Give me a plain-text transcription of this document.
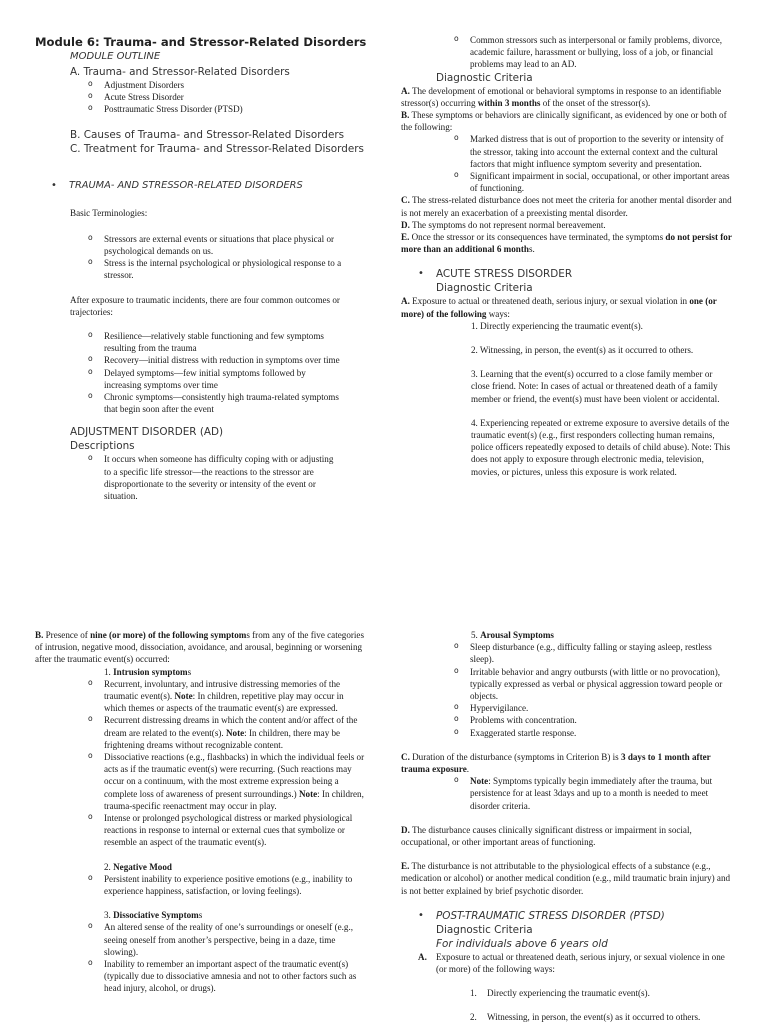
Module 6: Trauma- and Stressor-Related Disorders
MODULE OUTLINE
A. Trauma- and Stressor-Related Disorders
o Adjustment Disorders
o Acute Stress Disorder
o Posttraumatic Stress Disorder (PTSD)
B. Causes of Trauma- and Stressor-Related Disorders
C. Treatment for Trauma- and Stressor-Related Disorders
• TRAUMA- AND STRESSOR-RELATED DISORDERS

Basic Terminologies:

o Stressors are external events or situations that place physical or psychological demands on us.
o Stress is the internal psychological or physiological response to a stressor.

After exposure to traumatic incidents, there are four common outcomes or trajectories:

o Resilience—relatively stable functioning and few symptoms resulting from the trauma
o Recovery—initial distress with reduction in symptoms over time
o Delayed symptoms—few initial symptoms followed by increasing symptoms over time
o Chronic symptoms—consistently high trauma-related symptoms that begin soon after the event
ADJUSTMENT DISORDER (AD)
Descriptions
o It occurs when someone has difficulty coping with or adjusting to a specific life stressor—the reactions to the stressor are disproportionate to the severity or intensity of the event or situation.
o Common stressors such as interpersonal or family problems, divorce, academic failure, harassment or bullying, loss of a job, or financial problems may lead to an AD.
Diagnostic Criteria

A. The development of emotional or behavioral symptoms in response to an identifiable stressor(s) occurring within 3 months of the onset of the stressor(s).

B. These symptoms or behaviors are clinically significant, as evidenced by one or both of the following:

o Marked distress that is out of proportion to the severity or intensity of the stressor, taking into account the external context and the cultural factors that might influence symptom severity and presentation.
o Significant impairment in social, occupational, or other important areas of functioning.

C. The stress-related disturbance does not meet the criteria for another mental disorder and is not merely an exacerbation of a preexisting mental disorder.

D. The symptoms do not represent normal bereavement.

E. Once the stressor or its consequences have terminated, the symptoms do not persist for more than an additional 6 months.

• ACUTE STRESS DISORDER
Diagnostic Criteria

A. Exposure to actual or threatened death, serious injury, or sexual violation in one (or more) of the following ways:

1. Directly experiencing the traumatic event(s).

2. Witnessing, in person, the event(s) as it occurred to others.

3. Learning that the event(s) occurred to a close family member or close friend. Note: In cases of actual or threatened death of a family member or friend, the event(s) must have been violent or accidental.

4. Experiencing repeated or extreme exposure to aversive details of the traumatic event(s) (e.g., first responders collecting human remains, police officers repeatedly exposed to details of child abuse). Note: This does not apply to exposure through electronic media, television, movies, or pictures, unless this exposure is work related.

B. Presence of nine (or more) of the following symptoms from any of the five categories of intrusion, negative mood, dissociation, avoidance, and arousal, beginning or worsening after the traumatic event(s) occurred:

1. Intrusion symptoms

o Recurrent, involuntary, and intrusive distressing memories of the traumatic event(s). Note: In children, repetitive play may occur in which themes or aspects of the traumatic event(s) are expressed.
o Recurrent distressing dreams in which the content and/or affect of the dream are related to the event(s). Note: In children, there may be frightening dreams without recognizable content.
o Dissociative reactions (e.g., flashbacks) in which the individual feels or acts as if the traumatic event(s) were recurring. (Such reactions may occur on a continuum, with the most extreme expression being a complete loss of awareness of present surroundings.) Note: In children, trauma-specific reenactment may occur in play.
o Intense or prolonged psychological distress or marked physiological reactions in response to internal or external cues that symbolize or resemble an aspect of the traumatic event(s).

2. Negative Mood

o Persistent inability to experience positive emotions (e.g., inability to experience happiness, satisfaction, or loving feelings).

3. Dissociative Symptoms

o An altered sense of the reality of one’s surroundings or oneself (e.g., seeing oneself from another’s perspective, being in a daze, time slowing).
o Inability to remember an important aspect of the traumatic event(s) (typically due to dissociative amnesia and not to other factors such as head injury, alcohol, or drugs).

5. Arousal Symptoms

o Sleep disturbance (e.g., difficulty falling or staying asleep, restless sleep).
o Irritable behavior and angry outbursts (with little or no provocation), typically expressed as verbal or physical aggression toward people or objects.
o Hypervigilance.
o Problems with concentration.
o Exaggerated startle response.

C. Duration of the disturbance (symptoms in Criterion B) is 3 days to 1 month after trauma exposure.

o Note: Symptoms typically begin immediately after the trauma, but persistence for at least 3days and up to a month is needed to meet disorder criteria.

D. The disturbance causes clinically significant distress or impairment in social, occupational, or other important areas of functioning.

E. The disturbance is not attributable to the physiological effects of a substance (e.g., medication or alcohol) or another medical condition (e.g., mild traumatic brain injury) and is not better explained by brief psychotic disorder.

• POST-TRAUMATIC STRESS DISORDER (PTSD)
Diagnostic Criteria
For individuals above 6 years old
A.	Exposure to actual or threatened death, serious injury, or sexual violence in one (or more) of the following ways:
1.	Directly experiencing the traumatic event(s).
2.	Witnessing, in person, the event(s) as it occurred to others.
